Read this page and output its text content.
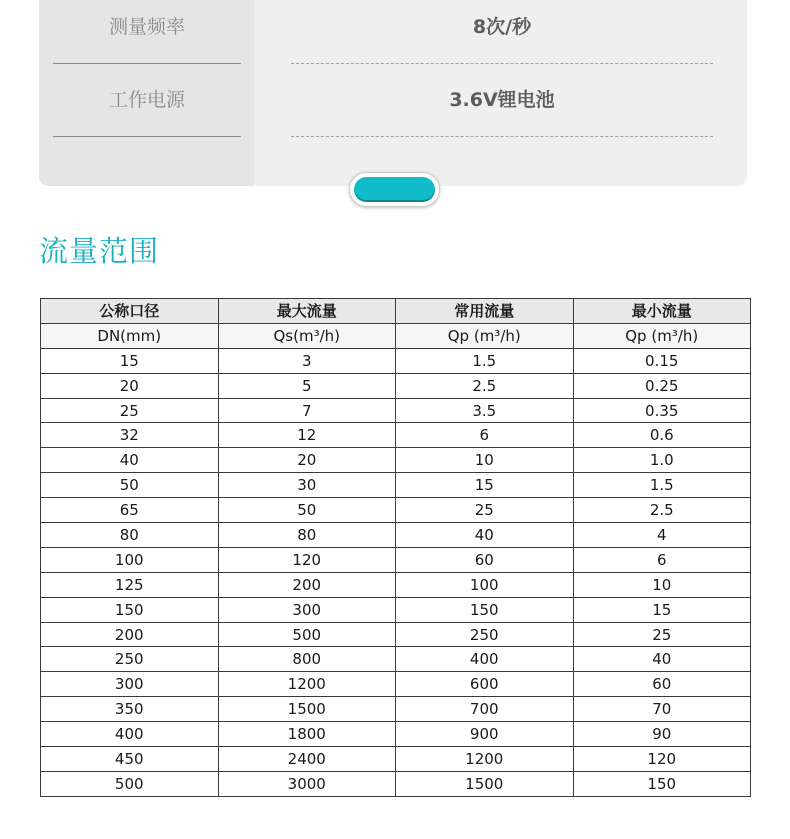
测量频率	8次/秒
工作电源	3.6V锂电池
流量范围
公称口径	最大流量	常用流量	最小流量
DN(mm)	Qs(m³/h)	Qp (m³/h)	Qp (m³/h)
15	3	1.5	0.15
20	5	2.5	0.25
25	7	3.5	0.35
32	12	6	0.6
40	20	10	1.0
50	30	15	1.5
65	50	25	2.5
80	80	40	4
100	120	60	6
125	200	100	10
150	300	150	15
200	500	250	25
250	800	400	40
300	1200	600	60
350	1500	700	70
400	1800	900	90
450	2400	1200	120
500	3000	1500	150
